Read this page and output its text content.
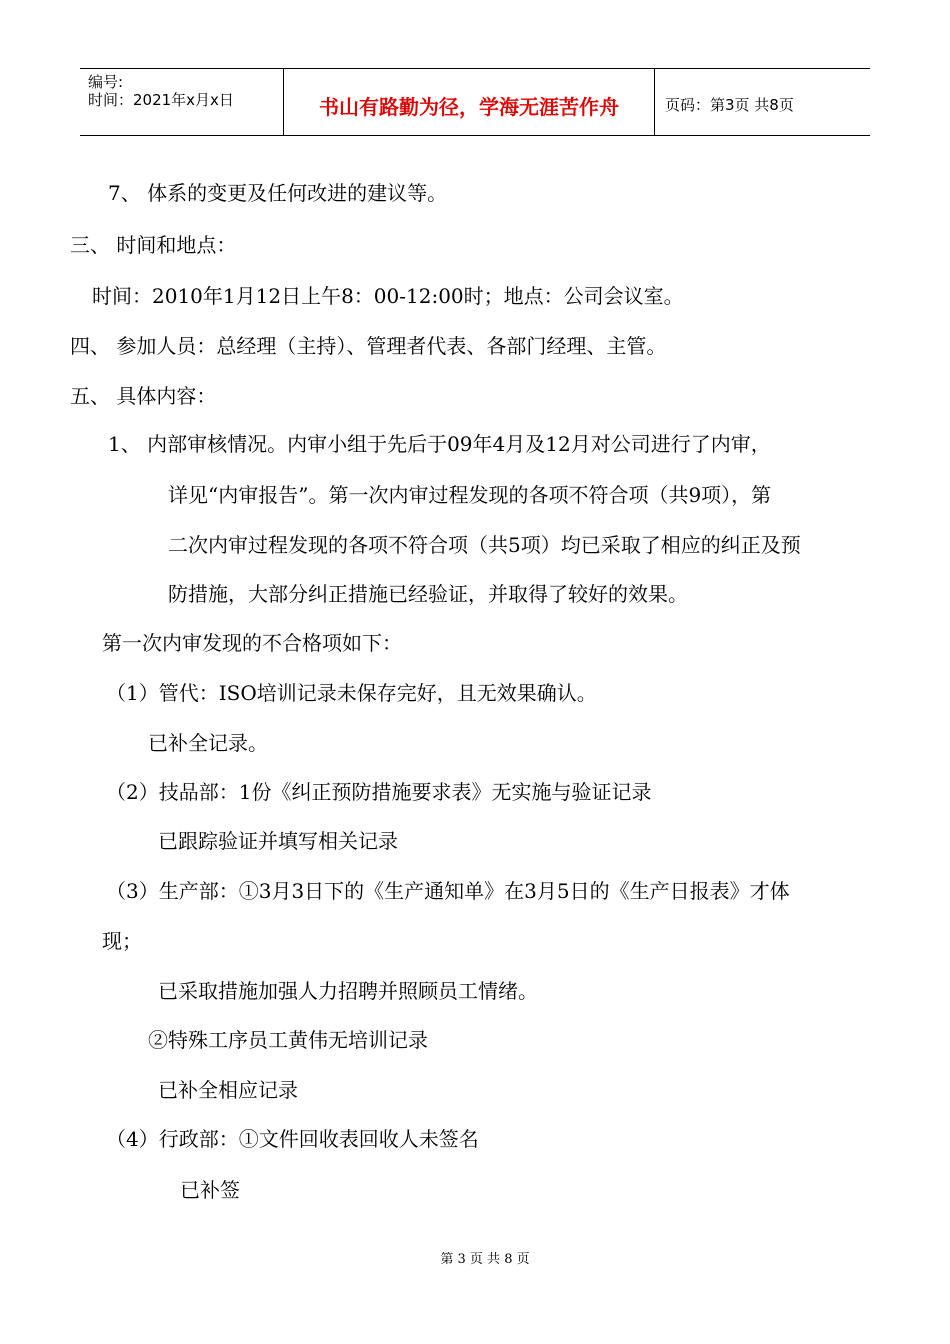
编号:
时间：2021年x月x日	书山有路勤为径，学海无涯苦作舟	页码：第3页 共8页
7、 体系的变更及任何改进的建议等。
三、 时间和地点：
时间：2010年1月12日上午8：00-12:00时；地点：公司会议室。
四、 参加人员：总经理（主持）、管理者代表、各部门经理、主管。
五、 具体内容：
1、 内部审核情况。内审小组于先后于09年4月及12月对公司进行了内审，
详见“内审报告”。第一次内审过程发现的各项不符合项（共9项），第
二次内审过程发现的各项不符合项（共5项）均已采取了相应的纠正及预
防措施，大部分纠正措施已经验证，并取得了较好的效果。
第一次内审发现的不合格项如下：
（1）管代：ISO培训记录未保存完好，且无效果确认。
已补全记录。
（2）技品部：1份《纠正预防措施要求表》无实施与验证记录
已跟踪验证并填写相关记录
（3）生产部：①3月3日下的《生产通知单》在3月5日的《生产日报表》才体
现；
已采取措施加强人力招聘并照顾员工情绪。
②特殊工序员工黄伟无培训记录
已补全相应记录
（4）行政部：①文件回收表回收人未签名
已补签
第 3 页 共 8 页
